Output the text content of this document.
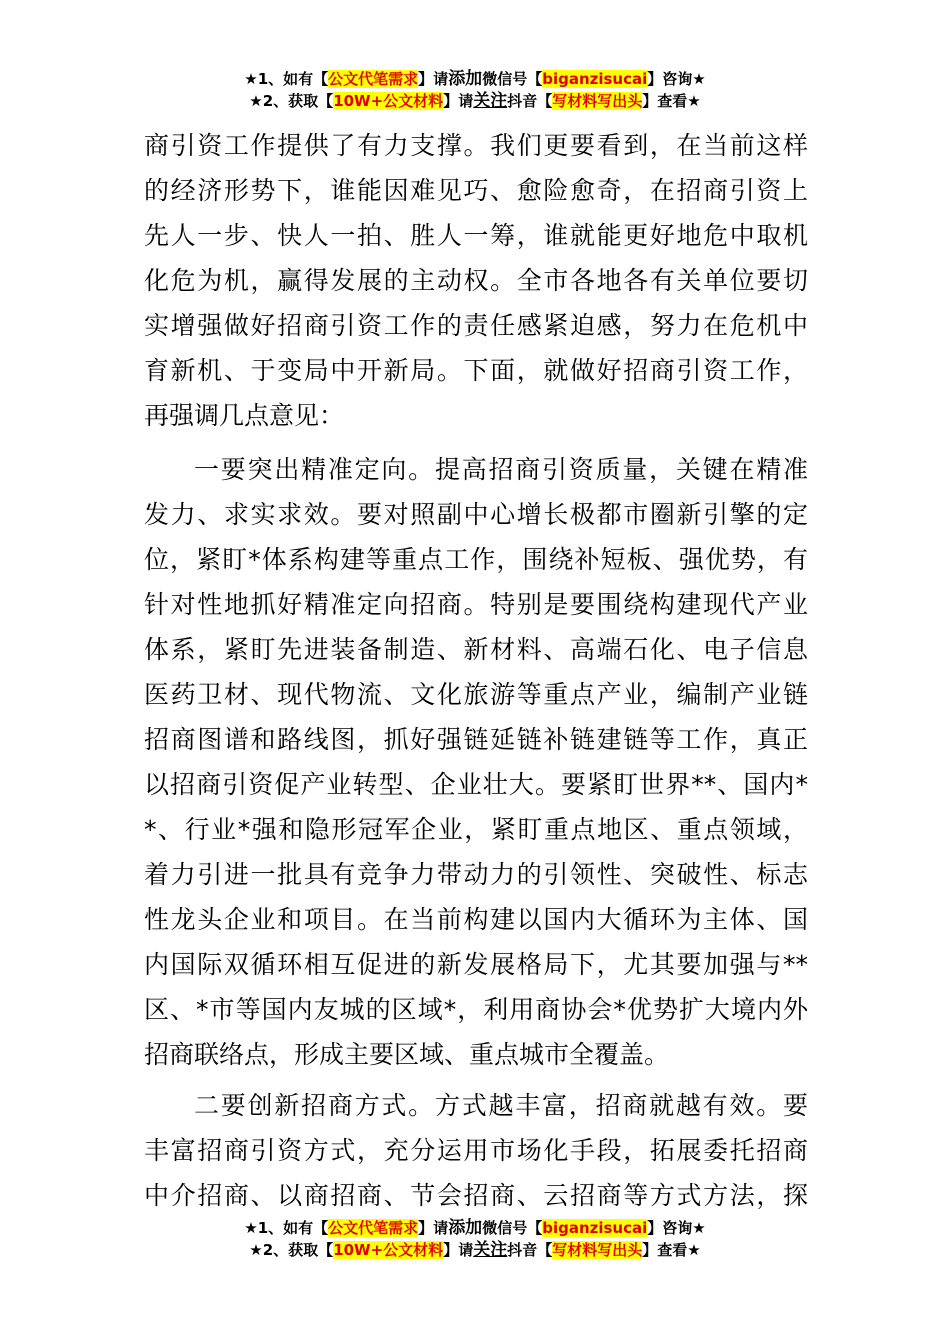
★1、如有【公文代笔需求】请添加微信号【biganzisucai】咨询★
★2、获取【10W+公文材料】请关注抖音【写材料写出头】查看★
商引资工作提供了有力支撑。我们更要看到，在当前这样
的经济形势下，谁能因难见巧、愈险愈奇，在招商引资上
先人一步、快人一拍、胜人一筹，谁就能更好地危中取机
化危为机，赢得发展的主动权。全市各地各有关单位要切
实增强做好招商引资工作的责任感紧迫感，努力在危机中
育新机、于变局中开新局。下面，就做好招商引资工作，
再强调几点意见：
一要突出精准定向。提高招商引资质量，关键在精准
发力、求实求效。要对照副中心增长极都市圈新引擎的定
位，紧盯*体系构建等重点工作，围绕补短板、强优势，有
针对性地抓好精准定向招商。特别是要围绕构建现代产业
体系，紧盯先进装备制造、新材料、高端石化、电子信息
医药卫材、现代物流、文化旅游等重点产业，编制产业链
招商图谱和路线图，抓好强链延链补链建链等工作，真正
以招商引资促产业转型、企业壮大。要紧盯世界**、国内*
*、行业*强和隐形冠军企业，紧盯重点地区、重点领域，
着力引进一批具有竞争力带动力的引领性、突破性、标志
性龙头企业和项目。在当前构建以国内大循环为主体、国
内国际双循环相互促进的新发展格局下，尤其要加强与**
区、*市等国内友城的区域*，利用商协会*优势扩大境内外
招商联络点，形成主要区域、重点城市全覆盖。
二要创新招商方式。方式越丰富，招商就越有效。要
丰富招商引资方式，充分运用市场化手段，拓展委托招商
中介招商、以商招商、节会招商、云招商等方式方法，探
★1、如有【公文代笔需求】请添加微信号【biganzisucai】咨询★
★2、获取【10W+公文材料】请关注抖音【写材料写出头】查看★
